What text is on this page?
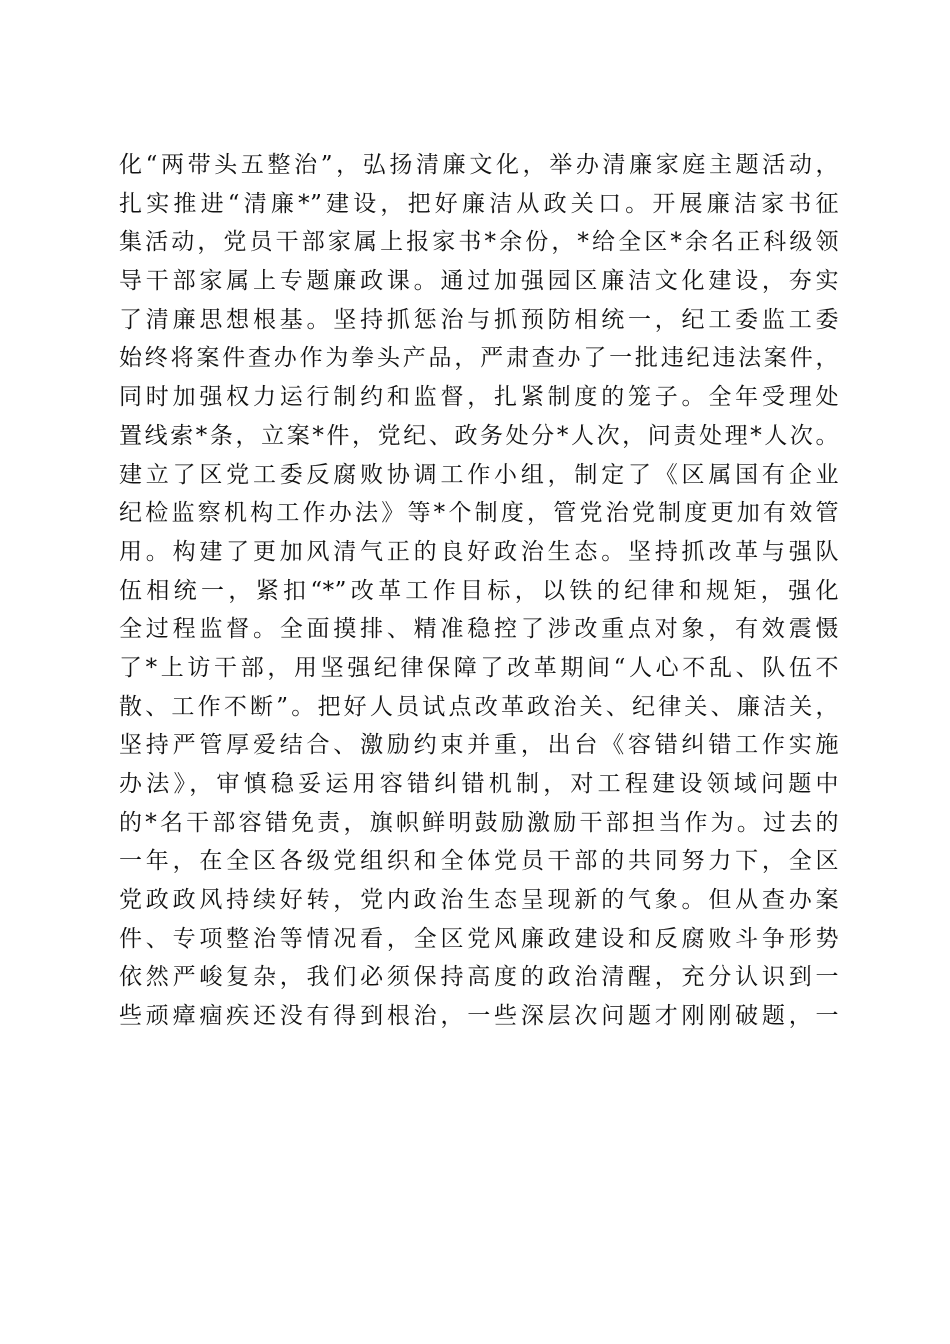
化“两带头五整治”，弘扬清廉文化，举办清廉家庭主题活动，
扎实推进“清廉*”建设，把好廉洁从政关口。开展廉洁家书征
集活动，党员干部家属上报家书*余份，*给全区*余名正科级领
导干部家属上专题廉政课。通过加强园区廉洁文化建设，夯实
了清廉思想根基。坚持抓惩治与抓预防相统一，纪工委监工委
始终将案件查办作为拳头产品，严肃查办了一批违纪违法案件，
同时加强权力运行制约和监督，扎紧制度的笼子。全年受理处
置线索*条，立案*件，党纪、政务处分*人次，问责处理*人次。
建立了区党工委反腐败协调工作小组，制定了《区属国有企业
纪检监察机构工作办法》等*个制度，管党治党制度更加有效管
用。构建了更加风清气正的良好政治生态。坚持抓改革与强队
伍相统一，紧扣“*”改革工作目标，以铁的纪律和规矩，强化
全过程监督。全面摸排、精准稳控了涉改重点对象，有效震慑
了*上访干部，用坚强纪律保障了改革期间“人心不乱、队伍不
散、工作不断”。把好人员试点改革政治关、纪律关、廉洁关，
坚持严管厚爱结合、激励约束并重，出台《容错纠错工作实施
办法》，审慎稳妥运用容错纠错机制，对工程建设领域问题中
的*名干部容错免责，旗帜鲜明鼓励激励干部担当作为。过去的
一年，在全区各级党组织和全体党员干部的共同努力下，全区
党政政风持续好转，党内政治生态呈现新的气象。但从查办案
件、专项整治等情况看，全区党风廉政建设和反腐败斗争形势
依然严峻复杂，我们必须保持高度的政治清醒，充分认识到一
些顽瘴痼疾还没有得到根治，一些深层次问题才刚刚破题，一
